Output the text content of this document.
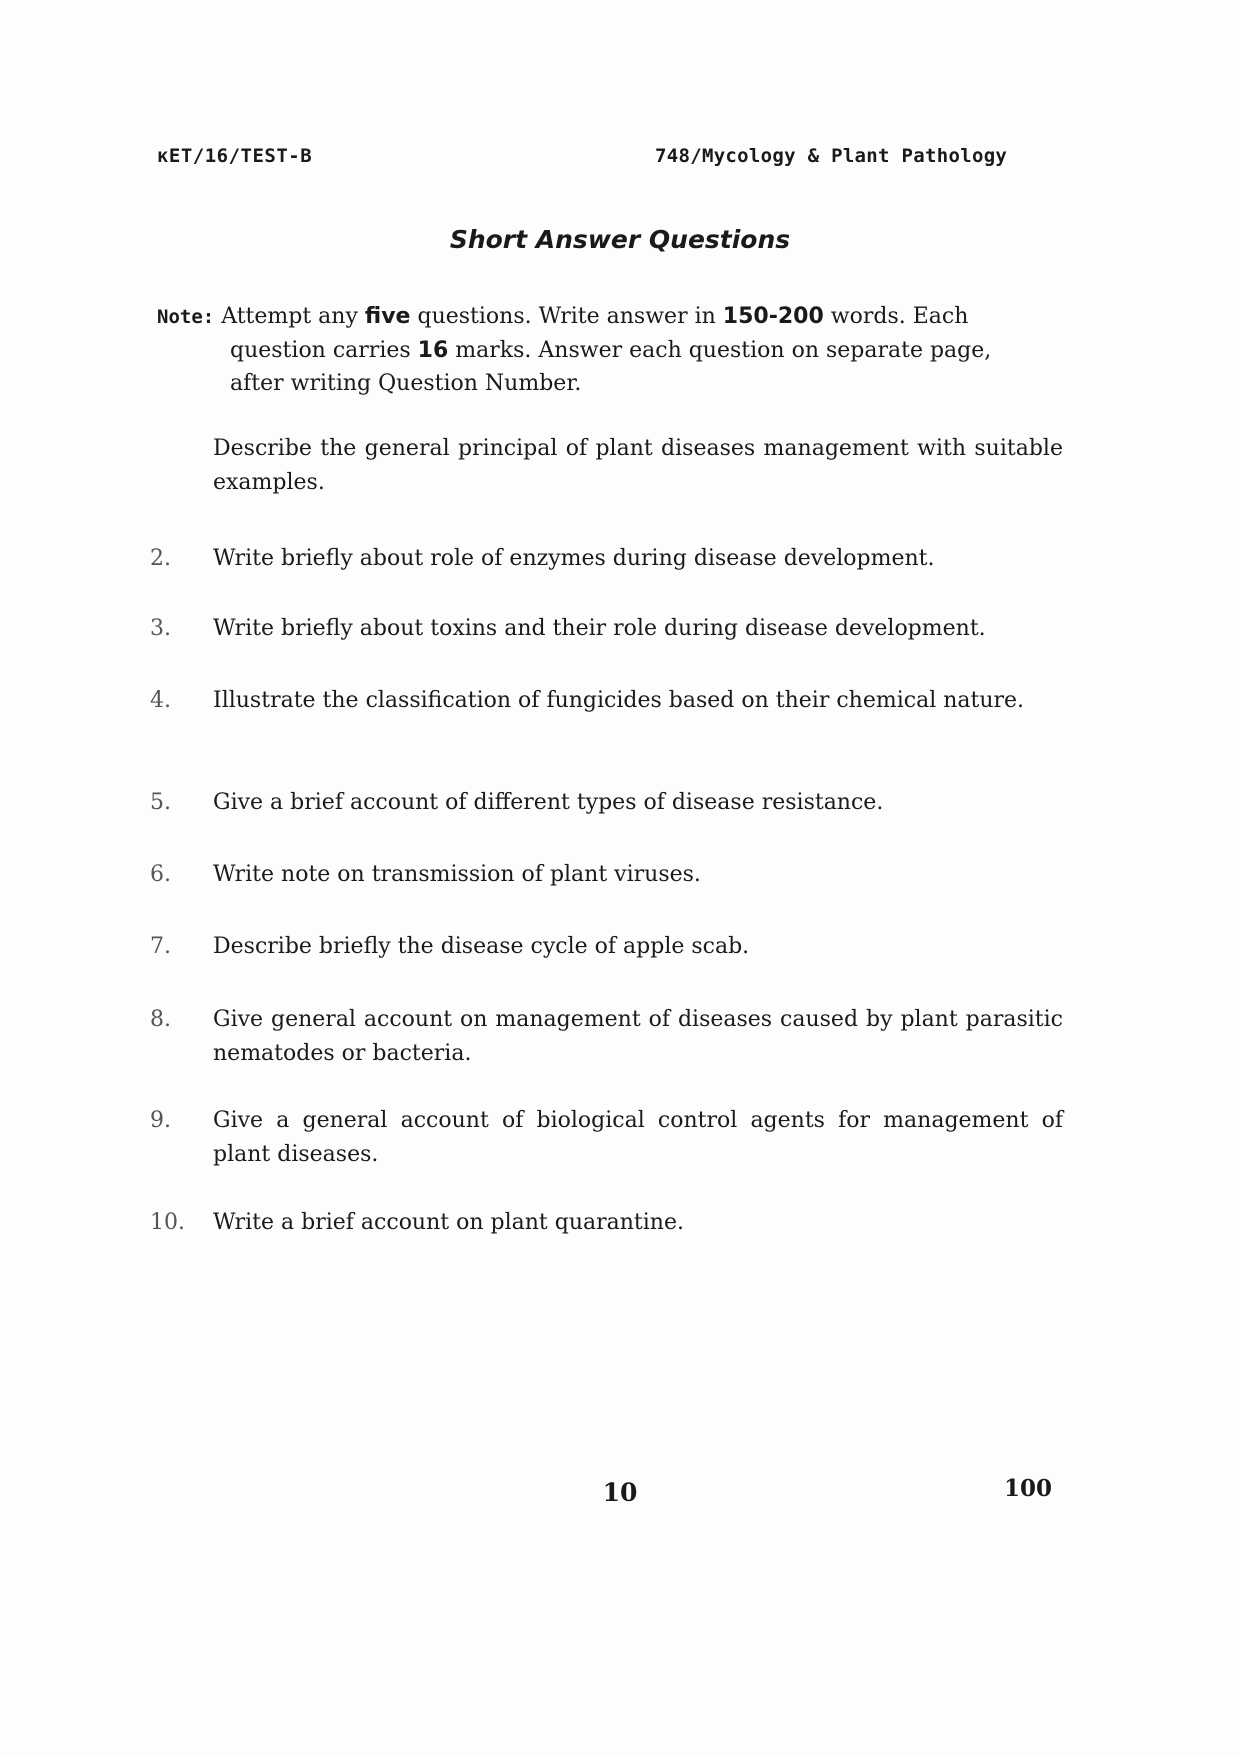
ᴋET/16/TEST-B	748/Mycology & Plant Pathology
Short Answer Questions
Note: Attempt any five questions. Write answer in 150-200 words. Each
question carries 16 marks. Answer each question on separate page,
after writing Question Number.
Describe the general principal of plant diseases management with suitable examples.
2.	Write briefly about role of enzymes during disease development.
3.	Write briefly about toxins and their role during disease development.
4.	Illustrate the classification of fungicides based on their chemical nature.
5.	Give a brief account of different types of disease resistance.
6.	Write note on transmission of plant viruses.
7.	Describe briefly the disease cycle of apple scab.
8.	Give general account on management of diseases caused by plant parasitic nematodes or bacteria.
9.	Give a general account of biological control agents for management of plant diseases.
10.	Write a brief account on plant quarantine.
10	100
